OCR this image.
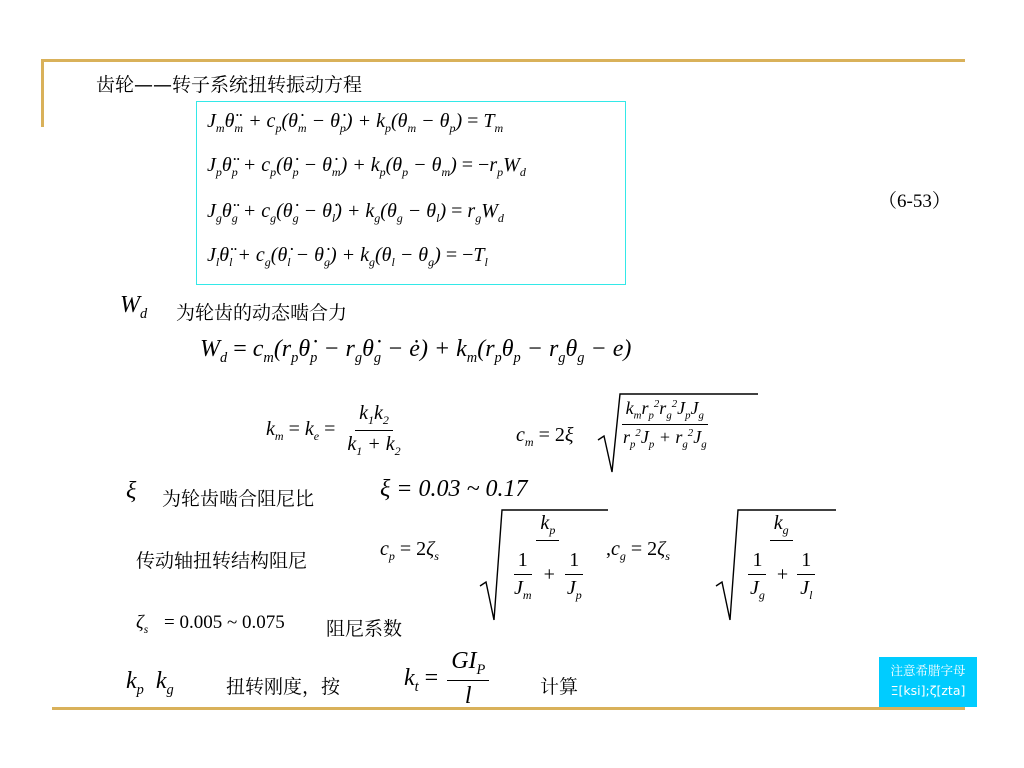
齿轮——转子系统扭转振动方程
$J_m\thetä_m$ + $c_p(\thetȧ_m$ − $\thetȧ_p) + k_p(\theta_m - \theta_p) = T_m$
$J_p\thetä_p$ + $c_p(\thetȧ_p$ − $\thetȧ_m) + k_p(\theta_p - \theta_m) = -r_pW_d$
$J_g\thetä_g$ + $c_g(\thetȧ_g$ − $\thetȧ_l) + k_g(\theta_g - \theta_l) = r_gW_d$
$J_l\thetä_l$ + $c_g(\thetȧ_l$ − $\thetȧ_g) + k_g(\theta_l - \theta_g) = -T_l$
（6-53）
$W_d$ 为轮齿的动态啮合力
$W_d$ = $c_m(r_p\thetȧ_p$ − $r_g\thetȧ_g$ − ė) + $k_m(r_p\theta_p - r_g\theta_g - e)$
$k_m = k_e = \frac{k_1k_2}{k_1 + k_2}$	$c_m = 2\xi$	$\frac{k_mr_p^2r_g^2J_pJ_g}{r_p^2J_p + r_g^2J_g}$
ξ 为轮齿啮合阻尼比	ξ = 0.03 ~ 0.17
传动轴扭转结构阻尼
$c_p = 2\zeta_s$	$\frac{k_p}{\frac{1}{J_m} + \frac{1}{J_p}} ,c_g = 2\zeta_s$	$\frac{k_g}{\frac{1}{J_g} + \frac{1}{J_l}}$
$\zeta_s = 0.005$ ~ 0.075 阻尼系数
$k_p$  $k_g$	扭转刚度，按	$k_t = \frac{GI_P}{l}$	计算
注意希腊字母
Ξ[ksi];ζ[zta]
